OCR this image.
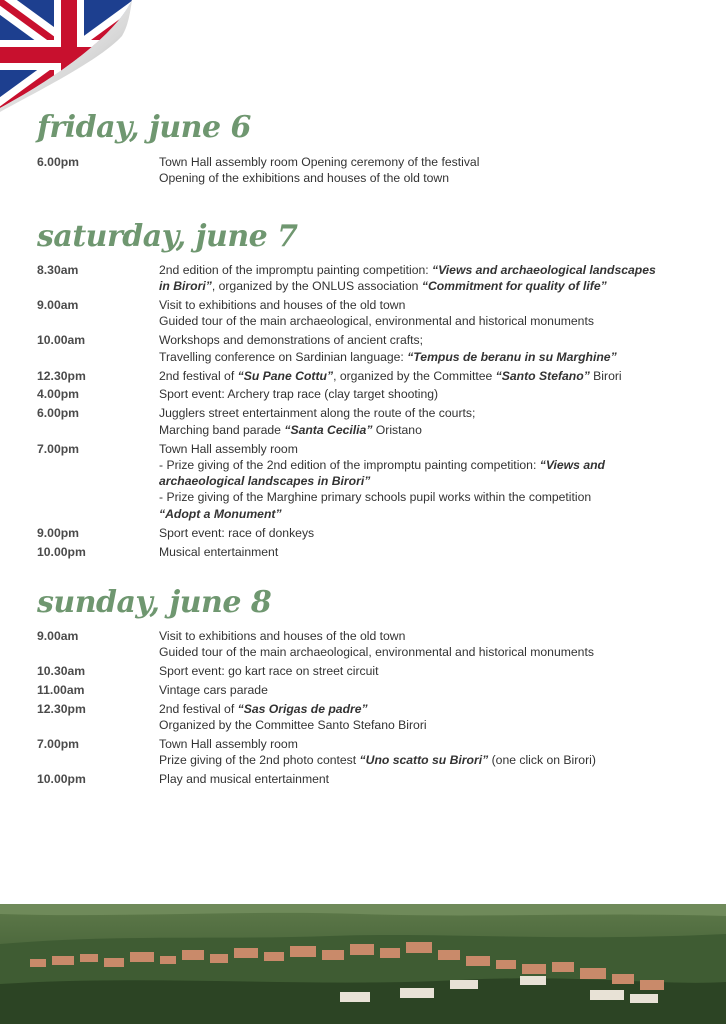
friday, june 6
6.00pm	Town Hall assembly room Opening ceremony of the festival
Opening of the exhibitions and houses of the old town
saturday, june 7
8.30am	2nd edition of the impromptu painting competition: “Views and archaeological landscapes
in Birori”, organized by the ONLUS association “Commitment for quality of life”
9.00am	Visit to exhibitions and houses of the old town
Guided tour of the main archaeological, environmental and historical monuments
10.00am	Workshops and demonstrations of ancient crafts;
Travelling conference on Sardinian language: “Tempus de beranu in su Marghine”
12.30pm	2nd festival of “Su Pane Cottu”, organized by the Committee “Santo Stefano” Birori
4.00pm	Sport event: Archery trap race (clay target shooting)
6.00pm	Jugglers street entertainment along the route of the courts;
Marching band parade “Santa Cecilia” Oristano
7.00pm	Town Hall assembly room
- Prize giving of the 2nd edition of the impromptu painting competition: “Views and
archaeological landscapes in Birori”
- Prize giving of the Marghine primary schools pupil works within the competition
“Adopt a Monument”
9.00pm	Sport event: race of donkeys
10.00pm	Musical entertainment
sunday, june 8
9.00am	Visit to exhibitions and houses of the old town
Guided tour of the main archaeological, environmental and historical monuments
10.30am	Sport event: go kart race on street circuit
11.00am	Vintage cars parade
12.30pm	2nd festival of “Sas Origas de padre”
Organized by the Committee Santo Stefano Birori
7.00pm	Town Hall assembly room
Prize giving of the 2nd photo contest “Uno scatto su Birori” (one click on Birori)
10.00pm	Play and musical entertainment
